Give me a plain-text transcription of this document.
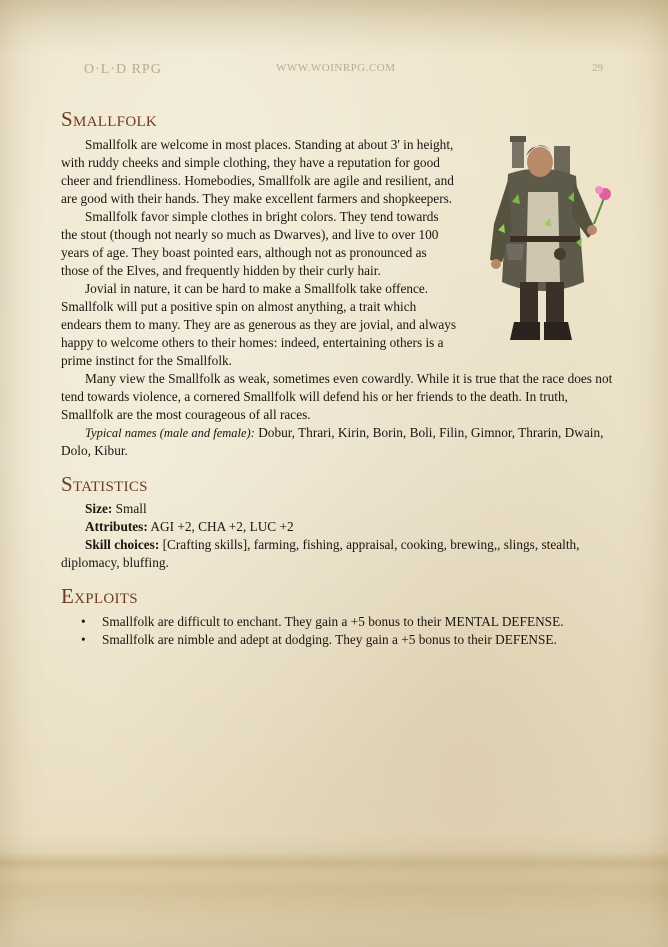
O·L·D RPG	WWW.WOINRPG.COM	29
Smallfolk

Smallfolk are welcome in most places. Standing at about 3' in height, with ruddy cheeks and simple clothing, they have a reputation for good cheer and friendliness. Homebodies, Smallfolk are agile and resilient, and are good with their hands. They make excellent farmers and shopkeepers.

Smallfolk favor simple clothes in bright colors. They tend towards the stout (though not nearly so much as Dwarves), and live to over 100 years of age. They boast pointed ears, although not as pronounced as those of the Elves, and frequently hidden by their curly hair.

Jovial in nature, it can be hard to make a Smallfolk take offence. Smallfolk will put a positive spin on almost anything, a trait which endears them to many. They are as generous as they are jovial, and always happy to welcome others to their homes: indeed, entertaining others is a prime instinct for the Smallfolk.

Many view the Smallfolk as weak, sometimes even cowardly. While it is true that the race does not tend towards violence, a cornered Smallfolk will defend his or her friends to the death. In truth, Smallfolk are the most courageous of all races.

Typical names (male and female): Dobur, Thrari, Kirin, Borin, Boli, Filin, Gimnor, Thrarin, Dwain, Dolo, Kibur.

Statistics

Size: Small

Attributes: AGI +2, CHA +2, LUC +2

Skill choices: [Crafting skills], farming, fishing, appraisal, cooking, brewing,, slings, stealth, diplomacy, bluffing.

Exploits
• Smallfolk are difficult to enchant. They gain a +5 bonus to their MENTAL DEFENSE.
• Smallfolk are nimble and adept at dodging. They gain a +5 bonus to their DEFENSE.
